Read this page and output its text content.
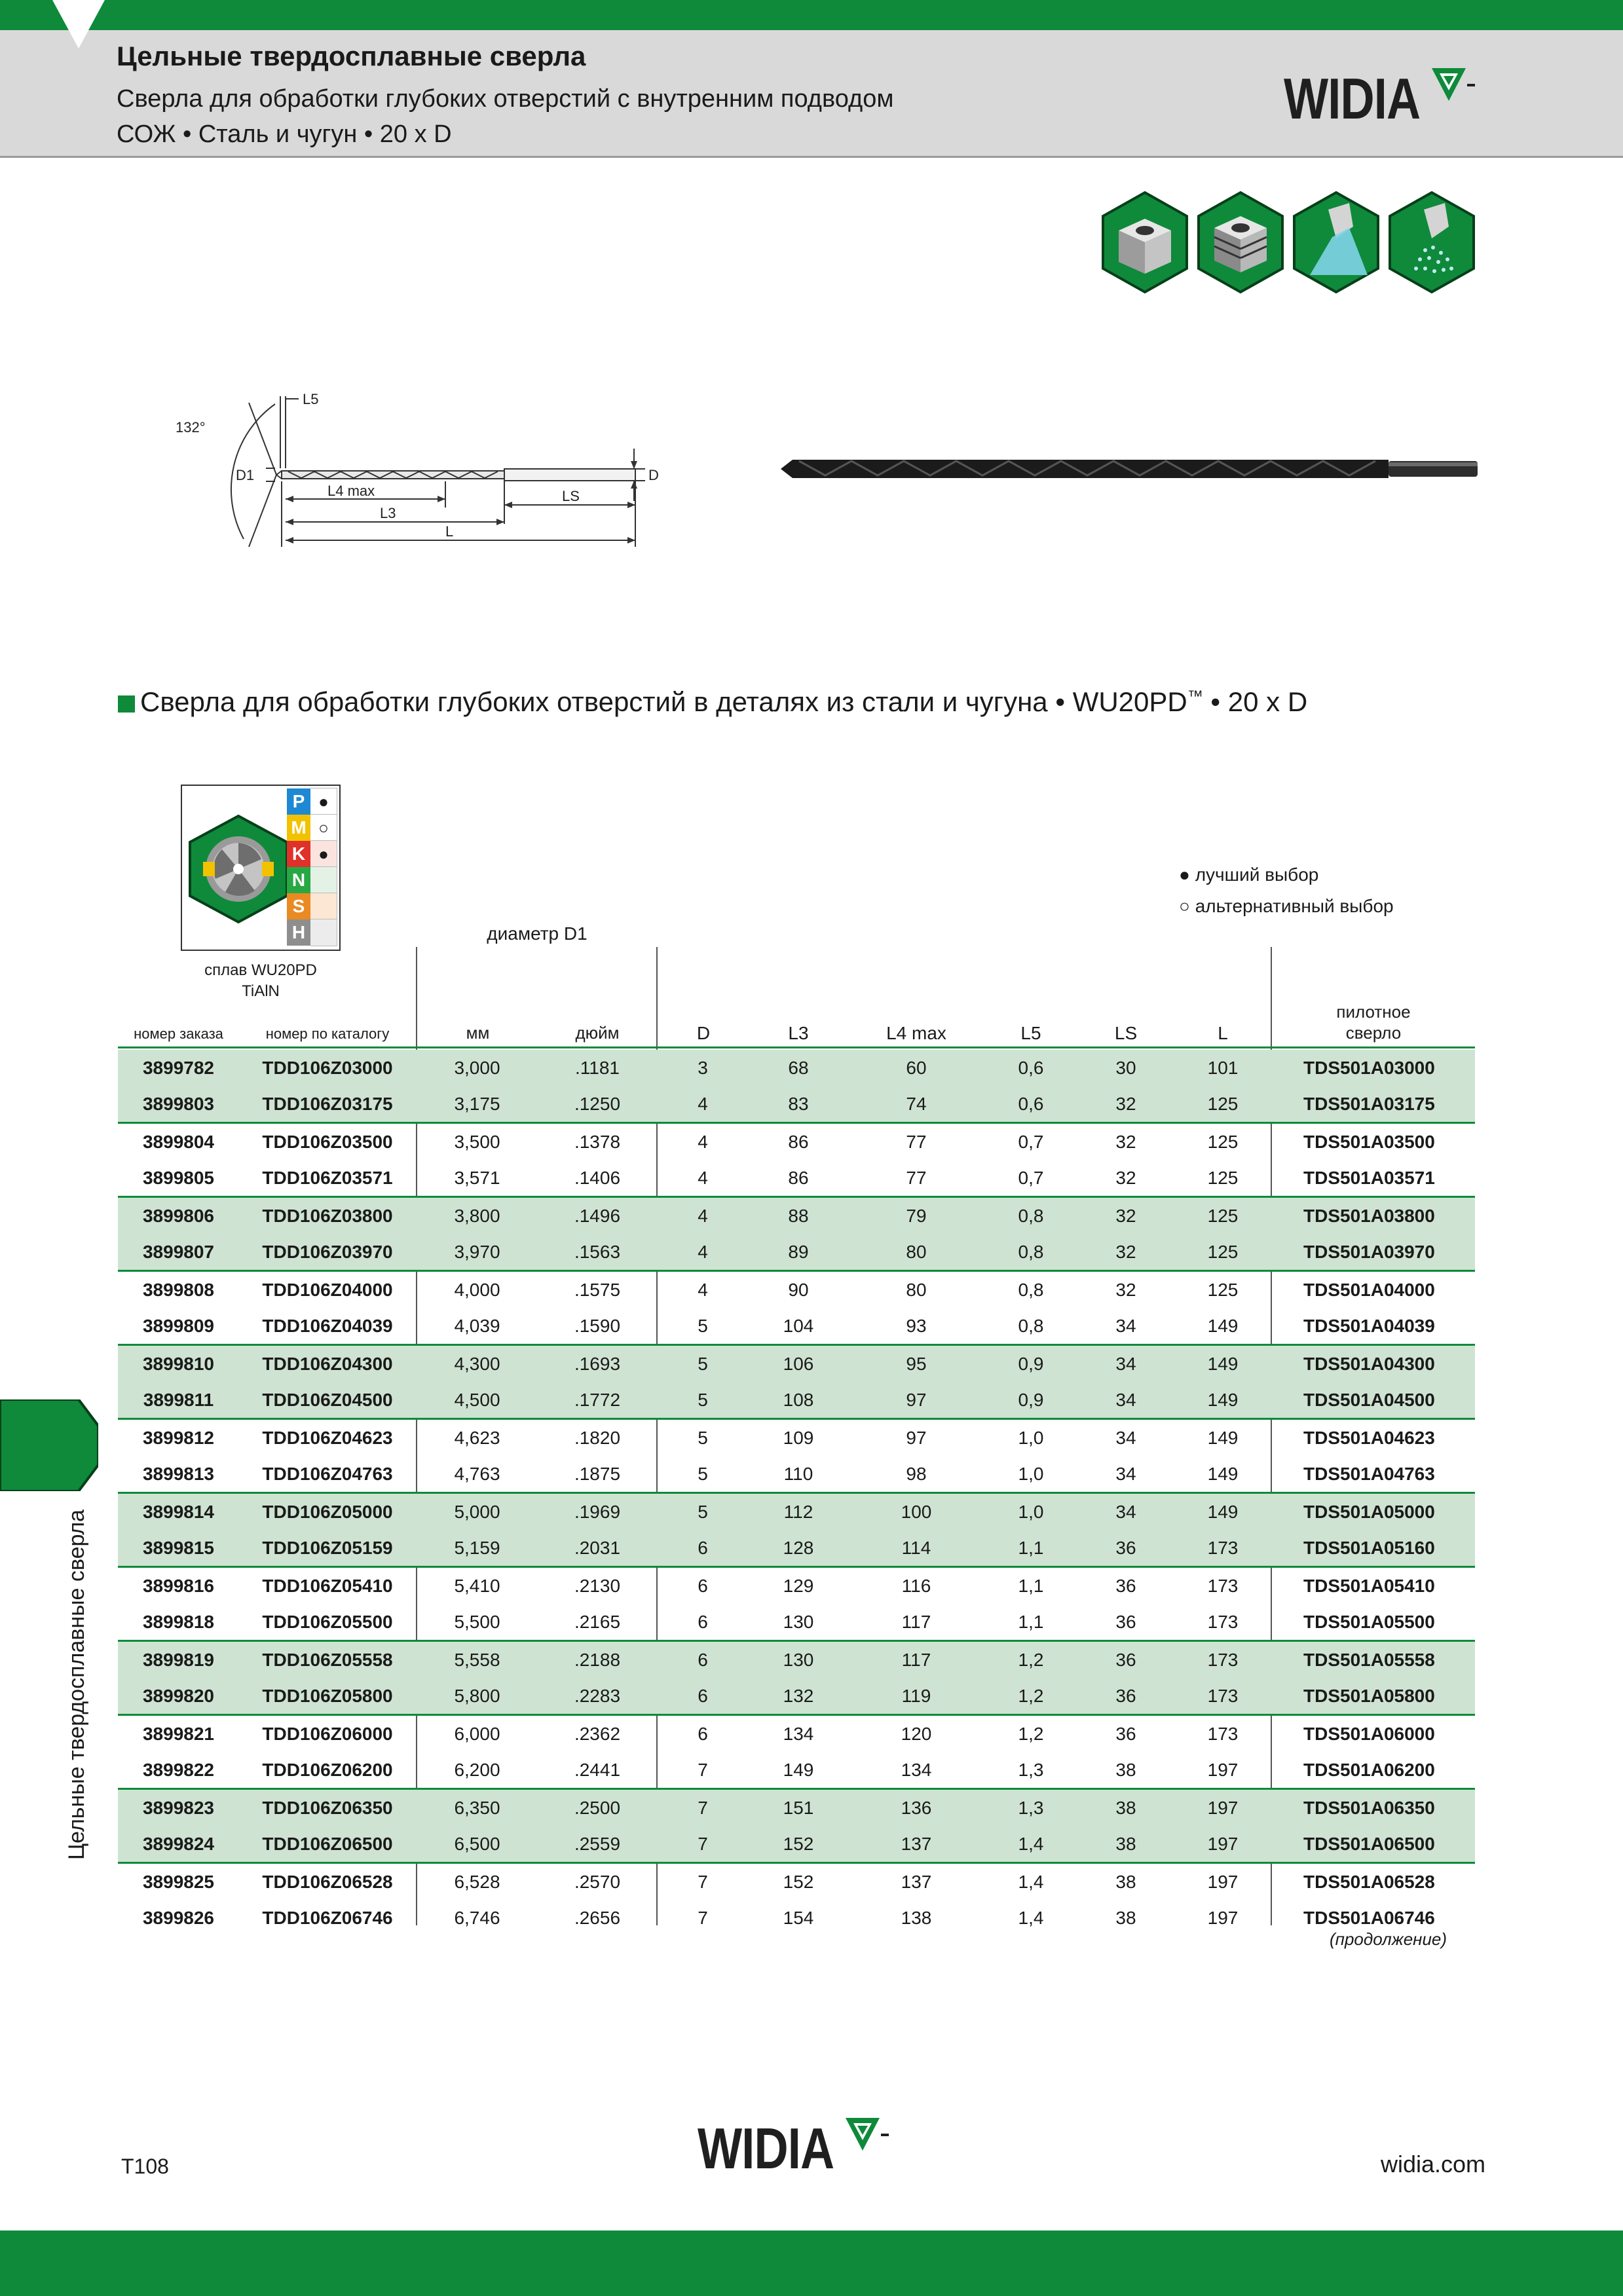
Цельные твердосплавные сверла
Сверла для обработки глубоких отверстий с внутренним подводом
СОЖ • Сталь и чугун • 20 x D
WIDIA
132°
L5
D1	D
L4 max
L3
L
LS
Сверла для обработки глубоких отверстий в деталях из стали и чугуна • WU20PD™ • 20 x D
P ●
M ○
K ●
N
S
H
сплав WU20PD
TiAlN
● лучший выбор
○ альтернативный выбор
диаметр D1
номер заказа	номер по каталогу	мм	дюйм	D	L3	L4 max	L5	LS	L
пилотное
сверло
3899782	TDD106Z03000	3,000	.1181	3	68	60	0,6	30	101	TDS501A03000
3899803	TDD106Z03175	3,175	.1250	4	83	74	0,6	32	125	TDS501A03175
3899804	TDD106Z03500	3,500	.1378	4	86	77	0,7	32	125	TDS501A03500
3899805	TDD106Z03571	3,571	.1406	4	86	77	0,7	32	125	TDS501A03571
3899806	TDD106Z03800	3,800	.1496	4	88	79	0,8	32	125	TDS501A03800
3899807	TDD106Z03970	3,970	.1563	4	89	80	0,8	32	125	TDS501A03970
3899808	TDD106Z04000	4,000	.1575	4	90	80	0,8	32	125	TDS501A04000
3899809	TDD106Z04039	4,039	.1590	5	104	93	0,8	34	149	TDS501A04039
3899810	TDD106Z04300	4,300	.1693	5	106	95	0,9	34	149	TDS501A04300
3899811	TDD106Z04500	4,500	.1772	5	108	97	0,9	34	149	TDS501A04500
3899812	TDD106Z04623	4,623	.1820	5	109	97	1,0	34	149	TDS501A04623
3899813	TDD106Z04763	4,763	.1875	5	110	98	1,0	34	149	TDS501A04763
3899814	TDD106Z05000	5,000	.1969	5	112	100	1,0	34	149	TDS501A05000
3899815	TDD106Z05159	5,159	.2031	6	128	114	1,1	36	173	TDS501A05160
3899816	TDD106Z05410	5,410	.2130	6	129	116	1,1	36	173	TDS501A05410
3899818	TDD106Z05500	5,500	.2165	6	130	117	1,1	36	173	TDS501A05500
3899819	TDD106Z05558	5,558	.2188	6	130	117	1,2	36	173	TDS501A05558
3899820	TDD106Z05800	5,800	.2283	6	132	119	1,2	36	173	TDS501A05800
3899821	TDD106Z06000	6,000	.2362	6	134	120	1,2	36	173	TDS501A06000
3899822	TDD106Z06200	6,200	.2441	7	149	134	1,3	38	197	TDS501A06200
3899823	TDD106Z06350	6,350	.2500	7	151	136	1,3	38	197	TDS501A06350
3899824	TDD106Z06500	6,500	.2559	7	152	137	1,4	38	197	TDS501A06500
3899825	TDD106Z06528	6,528	.2570	7	152	137	1,4	38	197	TDS501A06528
3899826	TDD106Z06746	6,746	.2656	7	154	138	1,4	38	197	TDS501A06746
(продолжение)
Цельные твердосплавные сверла
T108	widia.com
WIDIA
